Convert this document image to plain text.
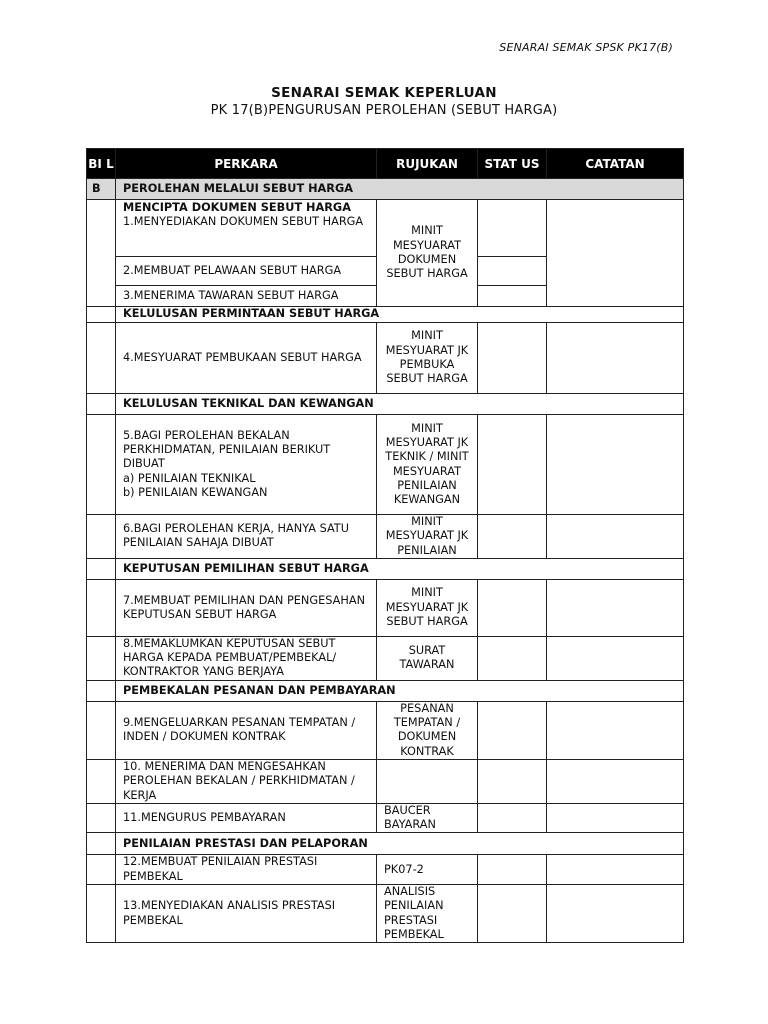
SENARAI SEMAK SPSK PK17(B)
SENARAI SEMAK KEPERLUAN
PK 17(B)PENGURUSAN PEROLEHAN (SEBUT HARGA)
BI L	PERKARA	RUJUKAN	STAT US	CATATAN
B	PEROLEHAN MELALUI SEBUT HARGA			
	MENCIPTA DOKUMEN SEBUT HARGA
1.MENYEDIAKAN DOKUMEN SEBUT HARGA	MINIT MESYUARAT DOKUMEN SEBUT HARGA		
	2.MEMBUAT PELAWAAN SEBUT HARGA			
	3.MENERIMA TAWARAN SEBUT HARGA			
	KELULUSAN PERMINTAAN SEBUT HARGA			
	4.MESYUARAT PEMBUKAAN SEBUT HARGA	MINIT MESYUARAT JK PEMBUKA SEBUT HARGA		
	KELULUSAN TEKNIKAL DAN KEWANGAN			
	5.BAGI PEROLEHAN BEKALAN PERKHIDMATAN, PENILAIAN BERIKUT DIBUAT
a) PENILAIAN TEKNIKAL
b) PENILAIAN KEWANGAN	MINIT MESYUARAT JK TEKNIK / MINIT MESYUARAT PENILAIAN KEWANGAN		
	6.BAGI PEROLEHAN KERJA, HANYA SATU PENILAIAN SAHAJA DIBUAT	MINIT MESYUARAT JK PENILAIAN		
	KEPUTUSAN PEMILIHAN SEBUT HARGA			
	7.MEMBUAT PEMILIHAN DAN PENGESAHAN KEPUTUSAN SEBUT HARGA	MINIT MESYUARAT JK SEBUT HARGA		
	8.MEMAKLUMKAN KEPUTUSAN SEBUT HARGA KEPADA PEMBUAT/PEMBEKAL/ KONTRAKTOR YANG BERJAYA	SURAT TAWARAN		
	PEMBEKALAN PESANAN DAN PEMBAYARAN			
	9.MENGELUARKAN PESANAN TEMPATAN / INDEN / DOKUMEN KONTRAK	PESANAN TEMPATAN / DOKUMEN KONTRAK		
	10. MENERIMA DAN MENGESAHKAN PEROLEHAN BEKALAN / PERKHIDMATAN / KERJA			
	11.MENGURUS PEMBAYARAN	BAUCER BAYARAN		
	PENILAIAN PRESTASI DAN PELAPORAN			
	12.MEMBUAT PENILAIAN PRESTASI PEMBEKAL	PK07-2		
	13.MENYEDIAKAN ANALISIS PRESTASI PEMBEKAL	ANALISIS PENILAIAN PRESTASI PEMBEKAL		
